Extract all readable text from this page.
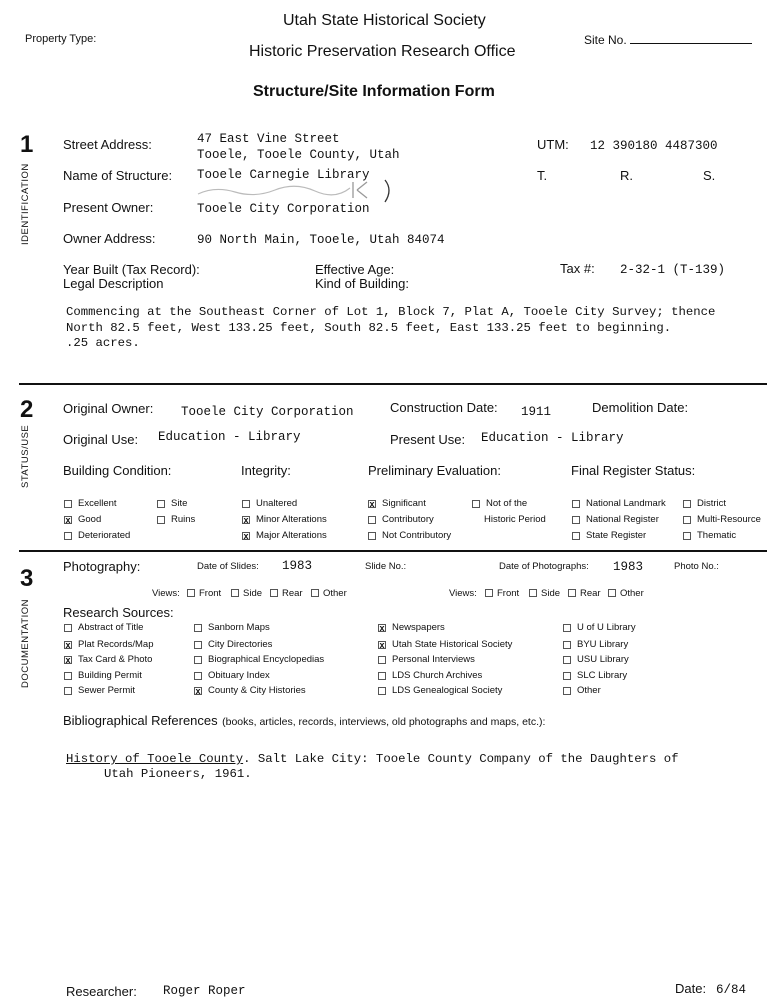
Utah State Historical Society
Property Type:	Site No.
Historic Preservation Research Office
Structure/Site Information Form
1
IDENTIFICATION
Street Address:	47 East Vine Street
Tooele, Tooele County, Utah
UTM: 12 390180 4487300
Name of Structure: Tooele Carnegie Library	T.	R.	S.
Present Owner:	Tooele City Corporation
Owner Address:	90 North Main, Tooele, Utah 84074
Year Built (Tax Record):	Effective Age:	Tax #: 2-32-1 (T-139)
Legal Description	Kind of Building:
Commencing at the Southeast Corner of Lot 1, Block 7, Plat A, Tooele City Survey; thence
North 82.5 feet, West 133.25 feet, South 82.5 feet, East 133.25 feet to beginning.
.25 acres.
2
STATUS/USE
Original Owner: Tooele City Corporation	Construction Date: 1911	Demolition Date:
Original Use: Education - Library	Present Use: Education - Library
Building Condition:	Integrity:	Preliminary Evaluation:	Final Register Status:
Excellent
x Good
Deteriorated
Site
Ruins
Unaltered
x Minor Alterations
x Major Alterations
x Significant
Contributory
Not Contributory
Not of the
Historic Period
National Landmark
National Register
State Register
District
Multi-Resource
Thematic
3
DOCUMENTATION
Photography:	Date of Slides: 1983	Slide No.:	Date of Photographs: 1983	Photo No.:
Views: Front Side Rear Other	Views: Front Side Rear Other
Research Sources:
Abstract of Title
x Plat Records/Map
x Tax Card & Photo
Building Permit
Sewer Permit
Sanborn Maps
City Directories
Biographical Encyclopedias
Obituary Index
x County & City Histories
x Newspapers
x Utah State Historical Society
Personal Interviews
LDS Church Archives
LDS Genealogical Society
U of U Library
BYU Library
USU Library
SLC Library
Other
Bibliographical References (books, articles, records, interviews, old photographs and maps, etc.):
History of Tooele County. Salt Lake City: Tooele County Company of the Daughters of
Utah Pioneers, 1961.
Researcher: Roger Roper	Date: 6/84
